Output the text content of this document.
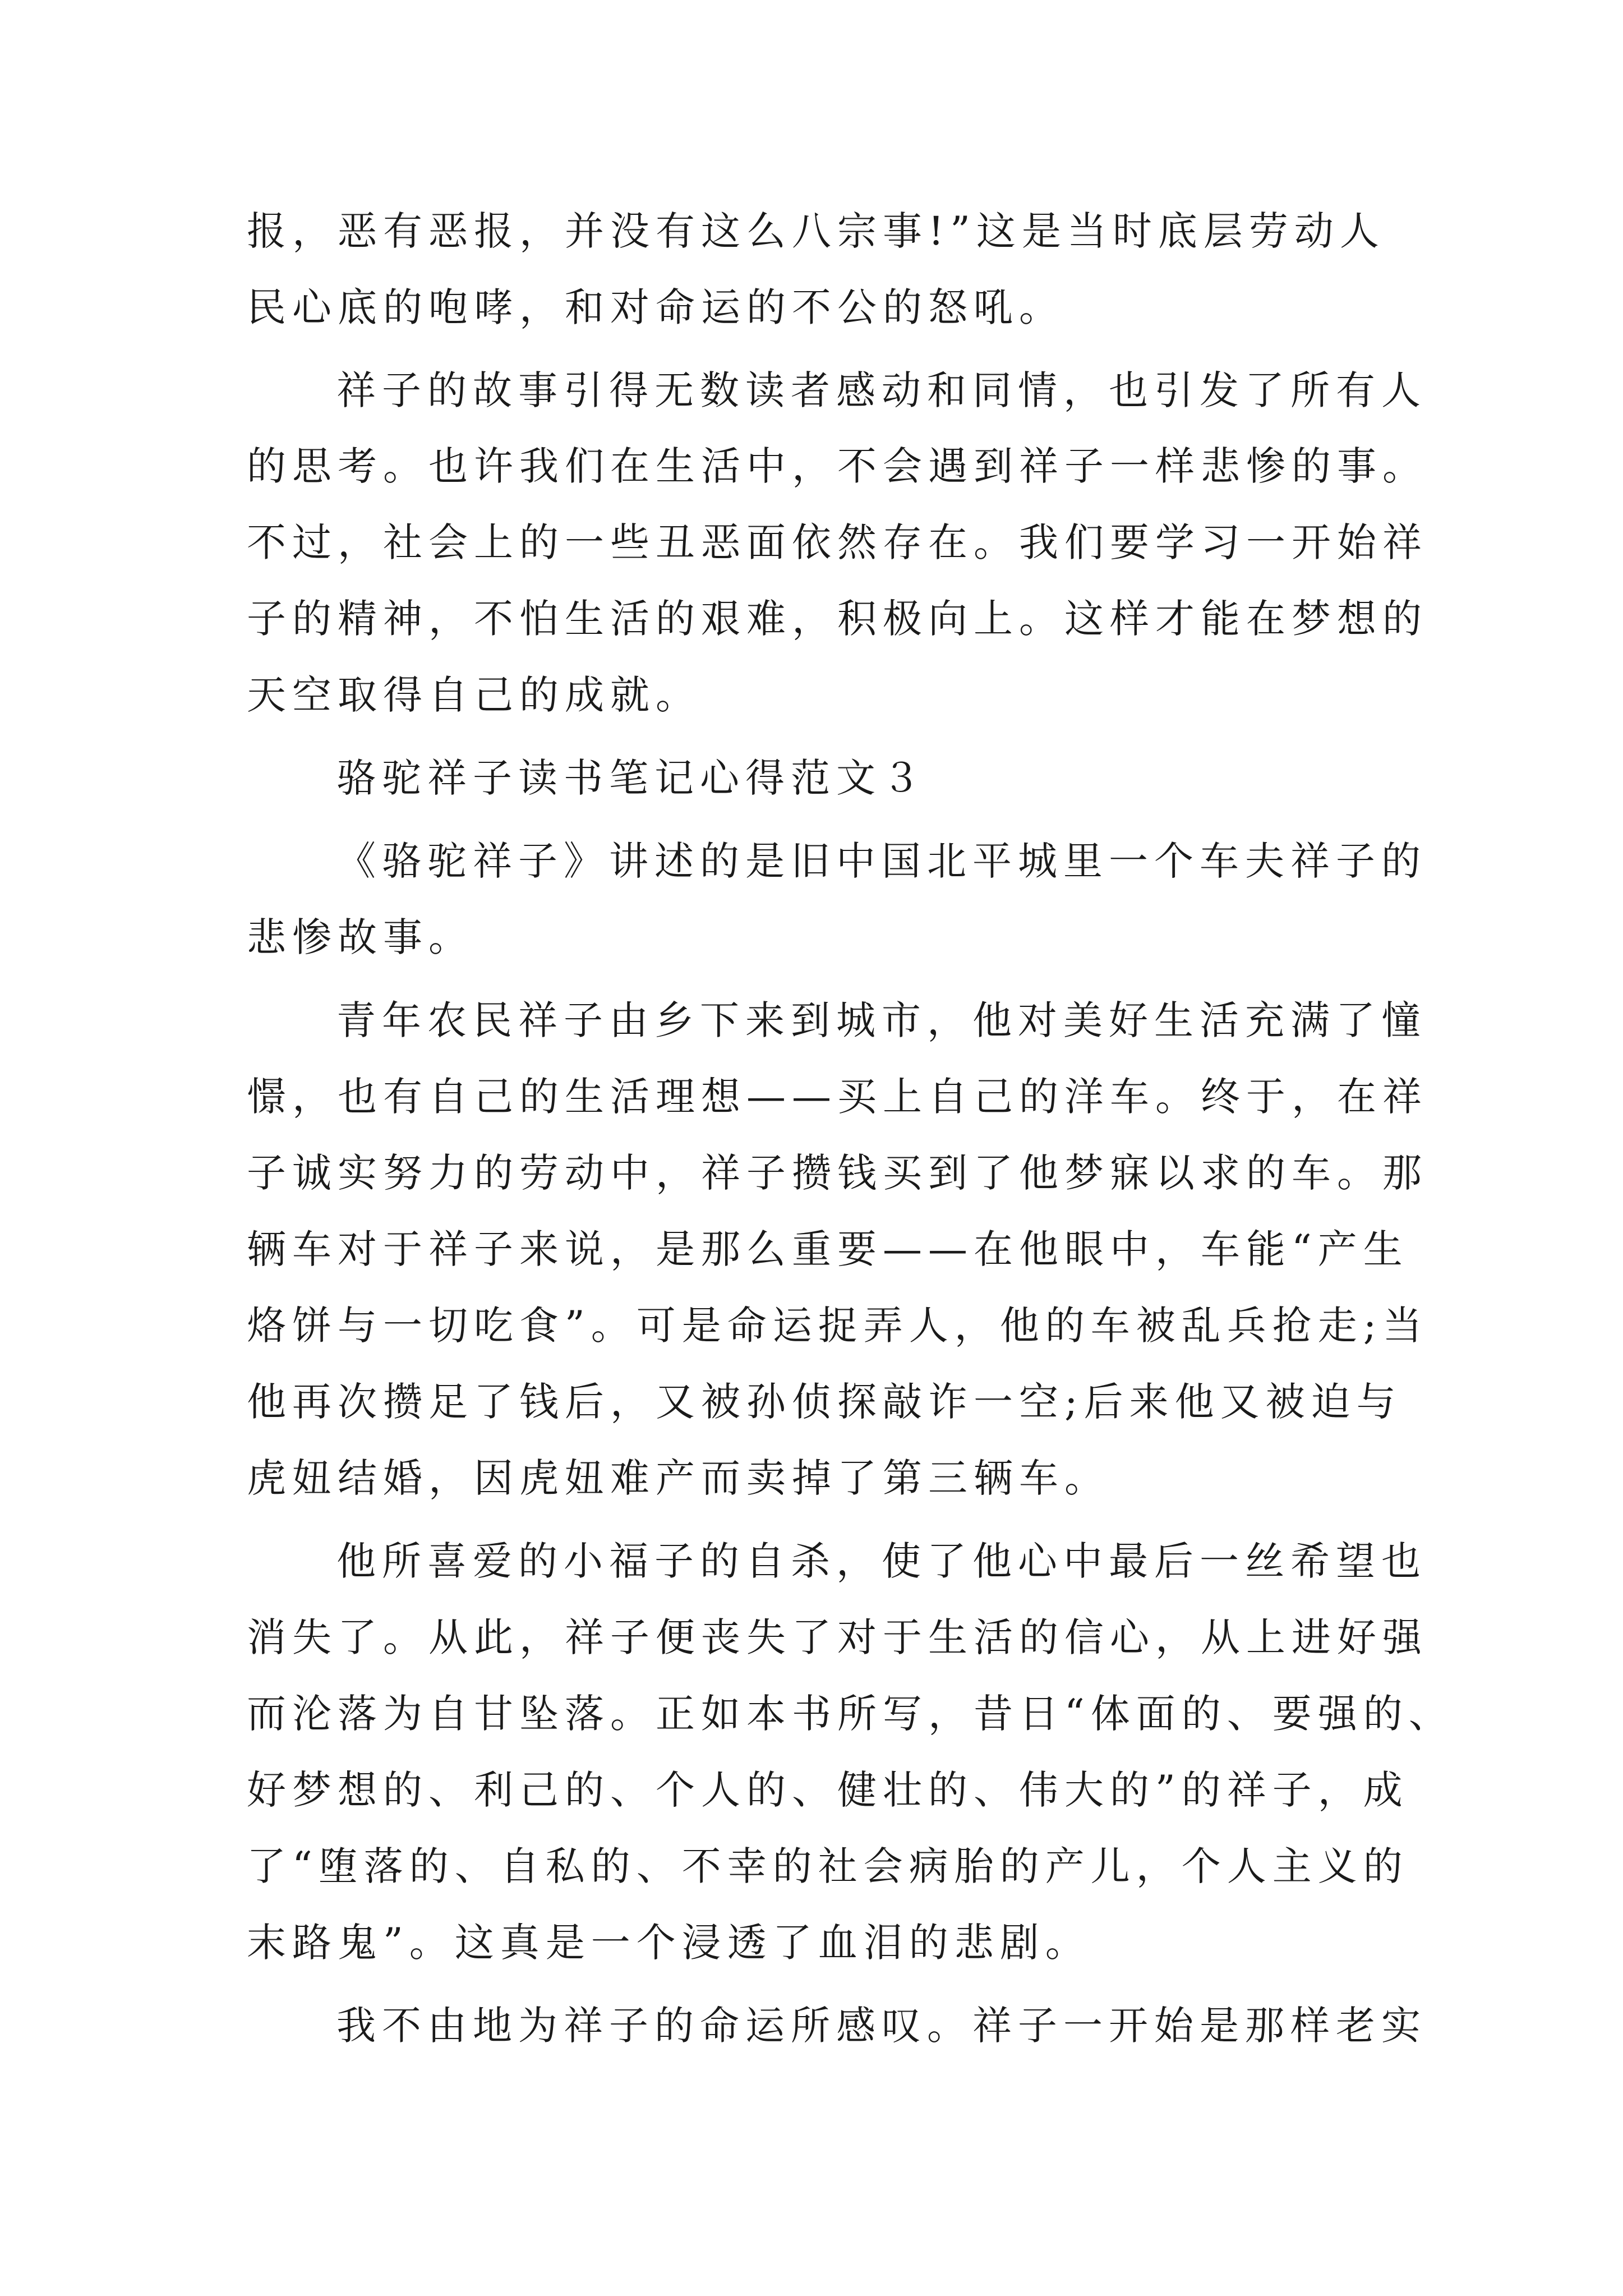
报，恶有恶报，并没有这么八宗事!”这是当时底层劳动人
民心底的咆哮，和对命运的不公的怒吼。
祥子的故事引得无数读者感动和同情，也引发了所有人
的思考。也许我们在生活中，不会遇到祥子一样悲惨的事。
不过，社会上的一些丑恶面依然存在。我们要学习一开始祥
子的精神，不怕生活的艰难，积极向上。这样才能在梦想的
天空取得自己的成就。
骆驼祥子读书笔记心得范文３
《骆驼祥子》讲述的是旧中国北平城里一个车夫祥子的
悲惨故事。
青年农民祥子由乡下来到城市，他对美好生活充满了憧
憬，也有自己的生活理想——买上自己的洋车。终于，在祥
子诚实努力的劳动中，祥子攒钱买到了他梦寐以求的车。那
辆车对于祥子来说，是那么重要——在他眼中，车能“产生
烙饼与一切吃食”。可是命运捉弄人，他的车被乱兵抢走;当
他再次攒足了钱后，又被孙侦探敲诈一空;后来他又被迫与
虎妞结婚，因虎妞难产而卖掉了第三辆车。
他所喜爱的小福子的自杀，使了他心中最后一丝希望也
消失了。从此，祥子便丧失了对于生活的信心，从上进好强
而沦落为自甘坠落。正如本书所写，昔日“体面的、要强的、
好梦想的、利己的、个人的、健壮的、伟大的”的祥子，成
了“堕落的、自私的、不幸的社会病胎的产儿，个人主义的
末路鬼”。这真是一个浸透了血泪的悲剧。
我不由地为祥子的命运所感叹。祥子一开始是那样老实
